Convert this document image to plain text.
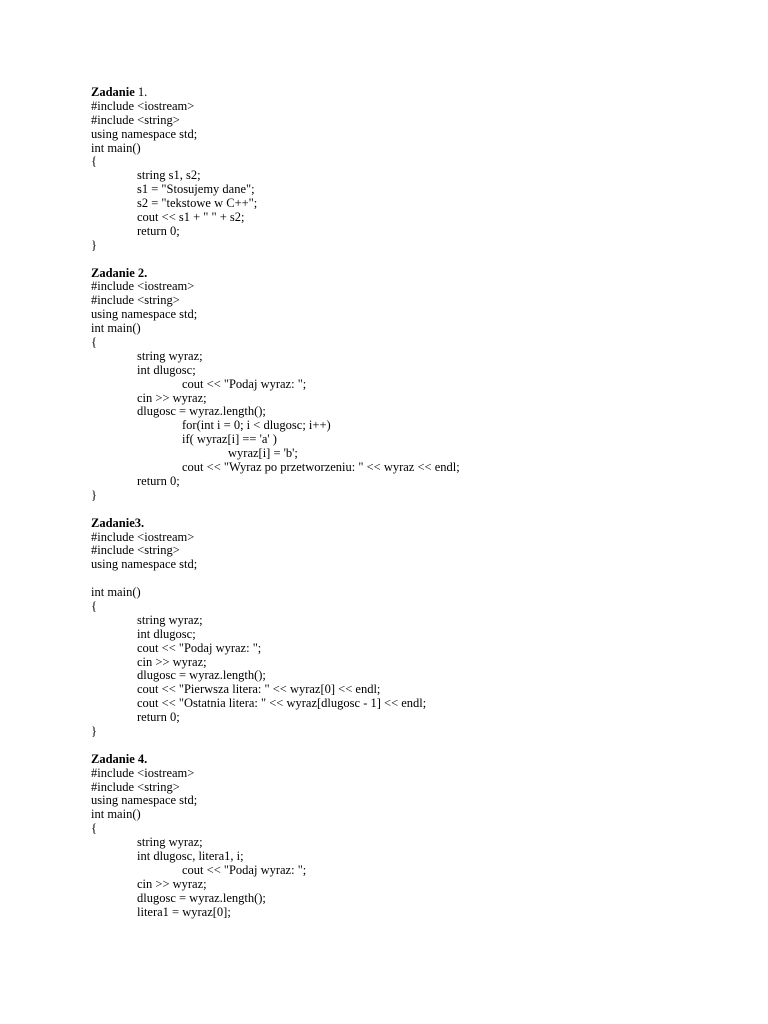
Zadanie 1.
#include <iostream>
#include <string>
using namespace std;
int main()
{
string s1, s2;
s1 = "Stosujemy dane";
s2 = "tekstowe w C++";
cout << s1 + " " + s2;
return 0;
}
Zadanie 2.
#include <iostream>
#include <string>
using namespace std;
int main()
{
string wyraz;
int dlugosc;
cout << "Podaj wyraz: ";
cin >> wyraz;
dlugosc = wyraz.length();
for(int i = 0; i < dlugosc; i++)
if( wyraz[i] == 'a' )
wyraz[i] = 'b';
cout << "Wyraz po przetworzeniu: " << wyraz << endl;
return 0;
}
Zadanie3.
#include <iostream>
#include <string>
using namespace std;
int main()
{
string wyraz;
int dlugosc;
cout << "Podaj wyraz: ";
cin >> wyraz;
dlugosc = wyraz.length();
cout << "Pierwsza litera: " << wyraz[0] << endl;
cout << "Ostatnia litera: " << wyraz[dlugosc - 1] << endl;
return 0;
}
Zadanie 4.
#include <iostream>
#include <string>
using namespace std;
int main()
{
string wyraz;
int dlugosc, litera1, i;
cout << "Podaj wyraz: ";
cin >> wyraz;
dlugosc = wyraz.length();
litera1 = wyraz[0];
